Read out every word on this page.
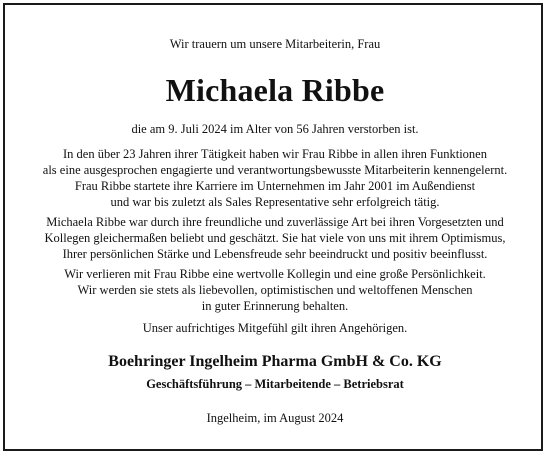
Wir trauern um unsere Mitarbeiterin, Frau
Michaela Ribbe
die am 9. Juli 2024 im Alter von 56 Jahren verstorben ist.
In den über 23 Jahren ihrer Tätigkeit haben wir Frau Ribbe in allen ihren Funktionen
als eine ausgesprochen engagierte und verantwortungsbewusste Mitarbeiterin kennengelernt.
Frau Ribbe startete ihre Karriere im Unternehmen im Jahr 2001 im Außendienst
und war bis zuletzt als Sales Representative sehr erfolgreich tätig.
Michaela Ribbe war durch ihre freundliche und zuverlässige Art bei ihren Vorgesetzten und
Kollegen gleichermaßen beliebt und geschätzt. Sie hat viele von uns mit ihrem Optimismus,
Ihrer persönlichen Stärke und Lebensfreude sehr beeindruckt und positiv beeinflusst.
Wir verlieren mit Frau Ribbe eine wertvolle Kollegin und eine große Persönlichkeit.
Wir werden sie stets als liebevollen, optimistischen und weltoffenen Menschen
in guter Erinnerung behalten.
Unser aufrichtiges Mitgefühl gilt ihren Angehörigen.
Boehringer Ingelheim Pharma GmbH & Co. KG
Geschäftsführung – Mitarbeitende – Betriebsrat
Ingelheim, im August 2024
